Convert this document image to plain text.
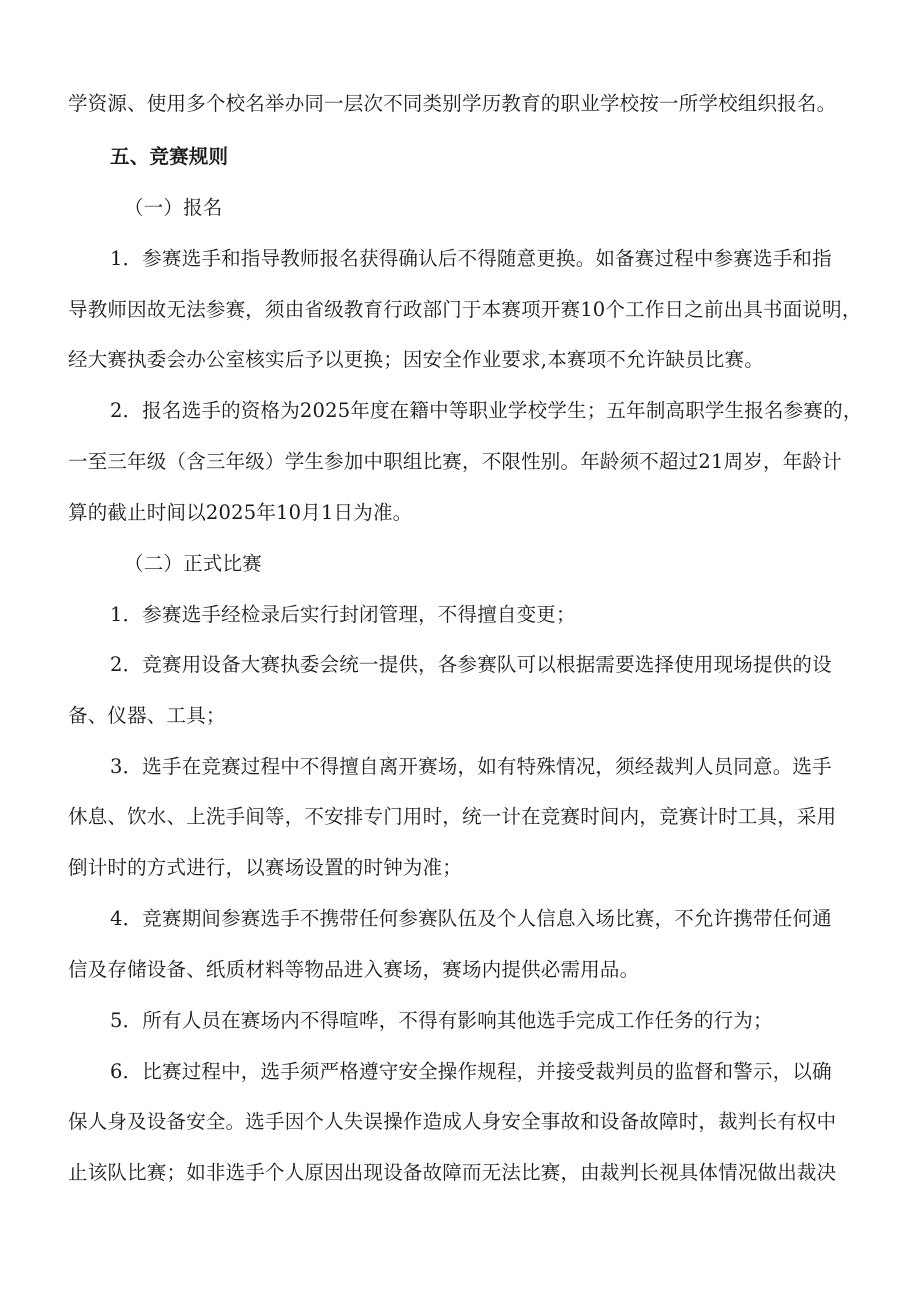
学资源、使用多个校名举办同一层次不同类别学历教育的职业学校按一所学校组织报名。
五、竞赛规则
（一）报名
1．参赛选手和指导教师报名获得确认后不得随意更换。如备赛过程中参赛选手和指
导教师因故无法参赛，须由省级教育行政部门于本赛项开赛10个工作日之前出具书面说明，
经大赛执委会办公室核实后予以更换；因安全作业要求,本赛项不允许缺员比赛。
2．报名选手的资格为2025年度在籍中等职业学校学生；五年制高职学生报名参赛的，
一至三年级（含三年级）学生参加中职组比赛，不限性别。年龄须不超过21周岁，年龄计
算的截止时间以2025年10月1日为准。
（二）正式比赛
1．参赛选手经检录后实行封闭管理，不得擅自变更；
2．竞赛用设备大赛执委会统一提供，各参赛队可以根据需要选择使用现场提供的设
备、仪器、工具；
3．选手在竞赛过程中不得擅自离开赛场，如有特殊情况，须经裁判人员同意。选手
休息、饮水、上洗手间等，不安排专门用时，统一计在竞赛时间内，竞赛计时工具，采用
倒计时的方式进行，以赛场设置的时钟为准；
4．竞赛期间参赛选手不携带任何参赛队伍及个人信息入场比赛，不允许携带任何通
信及存储设备、纸质材料等物品进入赛场，赛场内提供必需用品。
5．所有人员在赛场内不得喧哗，不得有影响其他选手完成工作任务的行为；
6．比赛过程中，选手须严格遵守安全操作规程，并接受裁判员的监督和警示，以确
保人身及设备安全。选手因个人失误操作造成人身安全事故和设备故障时，裁判长有权中
止该队比赛；如非选手个人原因出现设备故障而无法比赛，由裁判长视具体情况做出裁决
